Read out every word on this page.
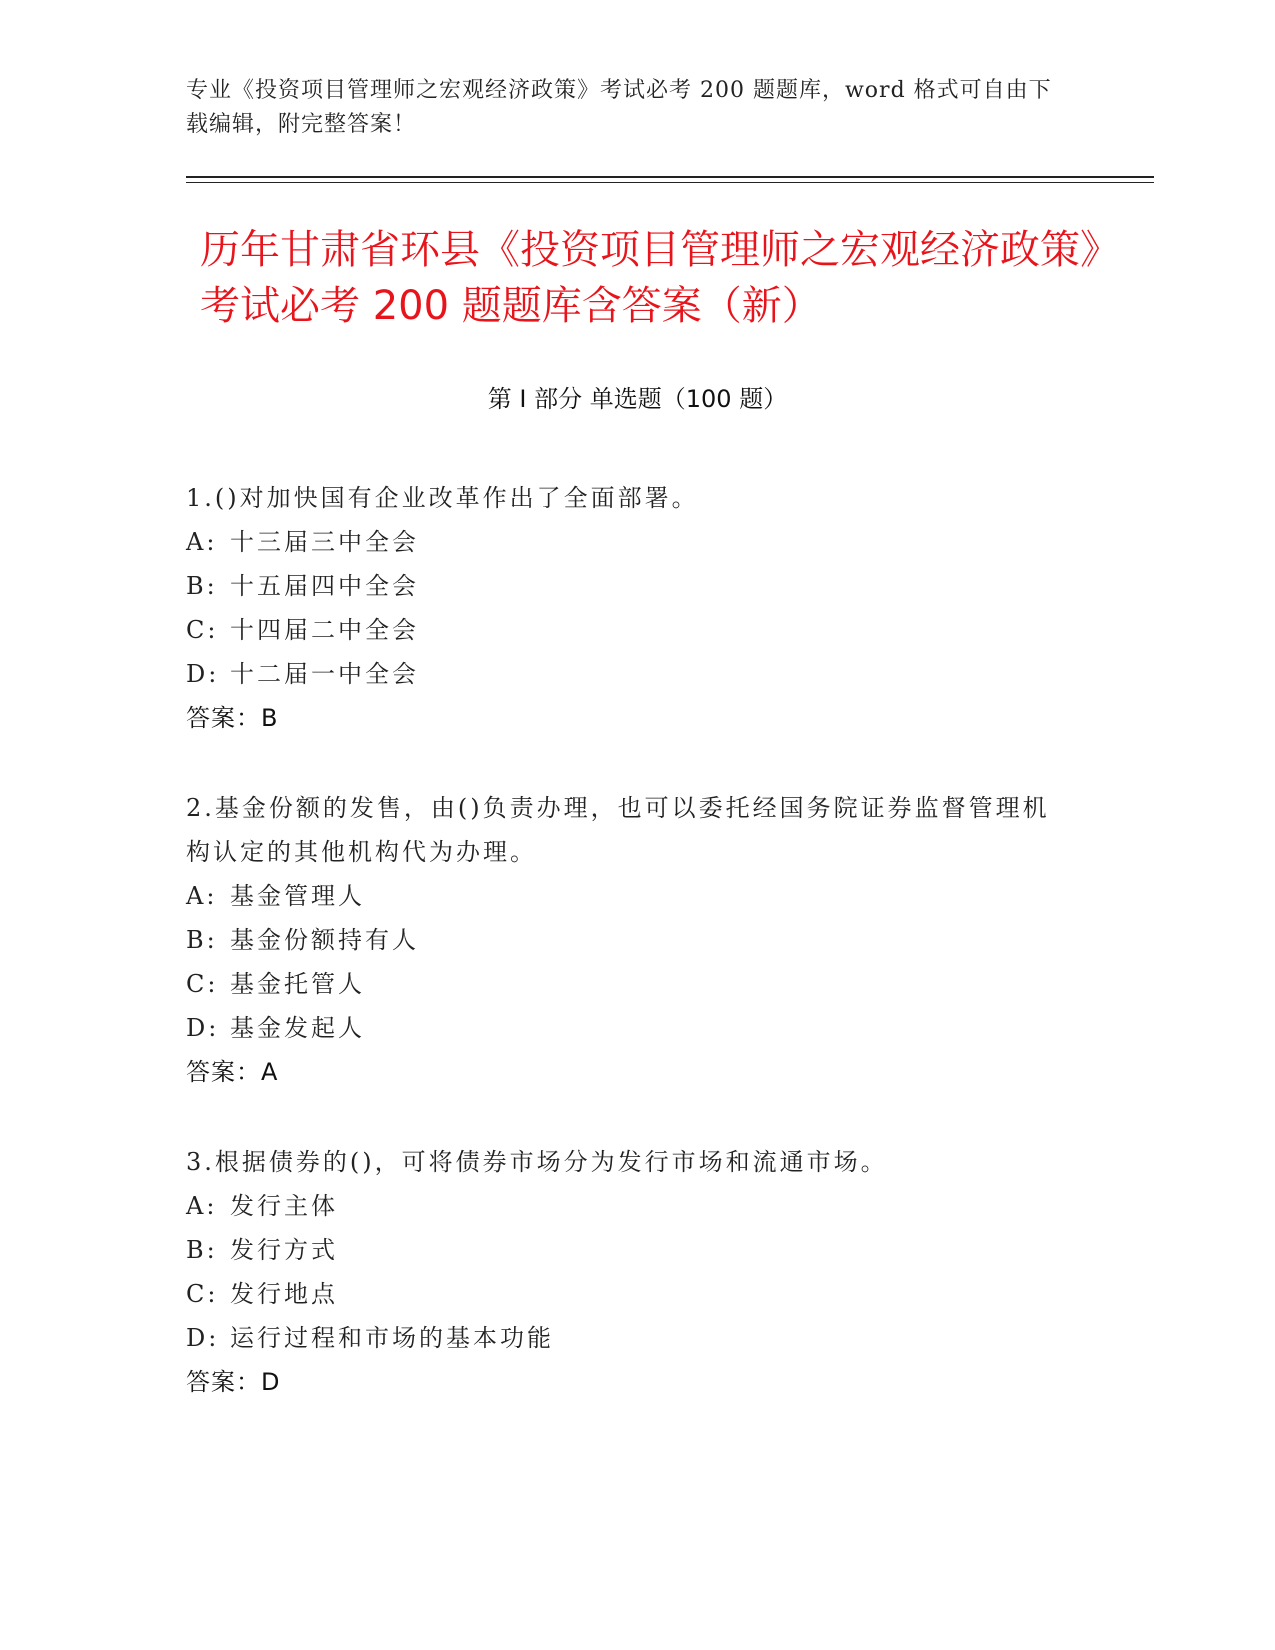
专业《投资项目管理师之宏观经济政策》考试必考 200 题题库，word 格式可自由下载编辑，附完整答案！
历年甘肃省环县《投资项目管理师之宏观经济政策》考试必考 200 题题库含答案（新）
第 I 部分 单选题（100 题）
1.()对加快国有企业改革作出了全面部署。
A: 十三届三中全会
B: 十五届四中全会
C: 十四届二中全会
D: 十二届一中全会
答案：B
2.基金份额的发售，由()负责办理，也可以委托经国务院证券监督管理机构认定的其他机构代为办理。
A: 基金管理人
B: 基金份额持有人
C: 基金托管人
D: 基金发起人
答案：A
3.根据债券的()，可将债券市场分为发行市场和流通市场。
A: 发行主体
B: 发行方式
C: 发行地点
D: 运行过程和市场的基本功能
答案：D
